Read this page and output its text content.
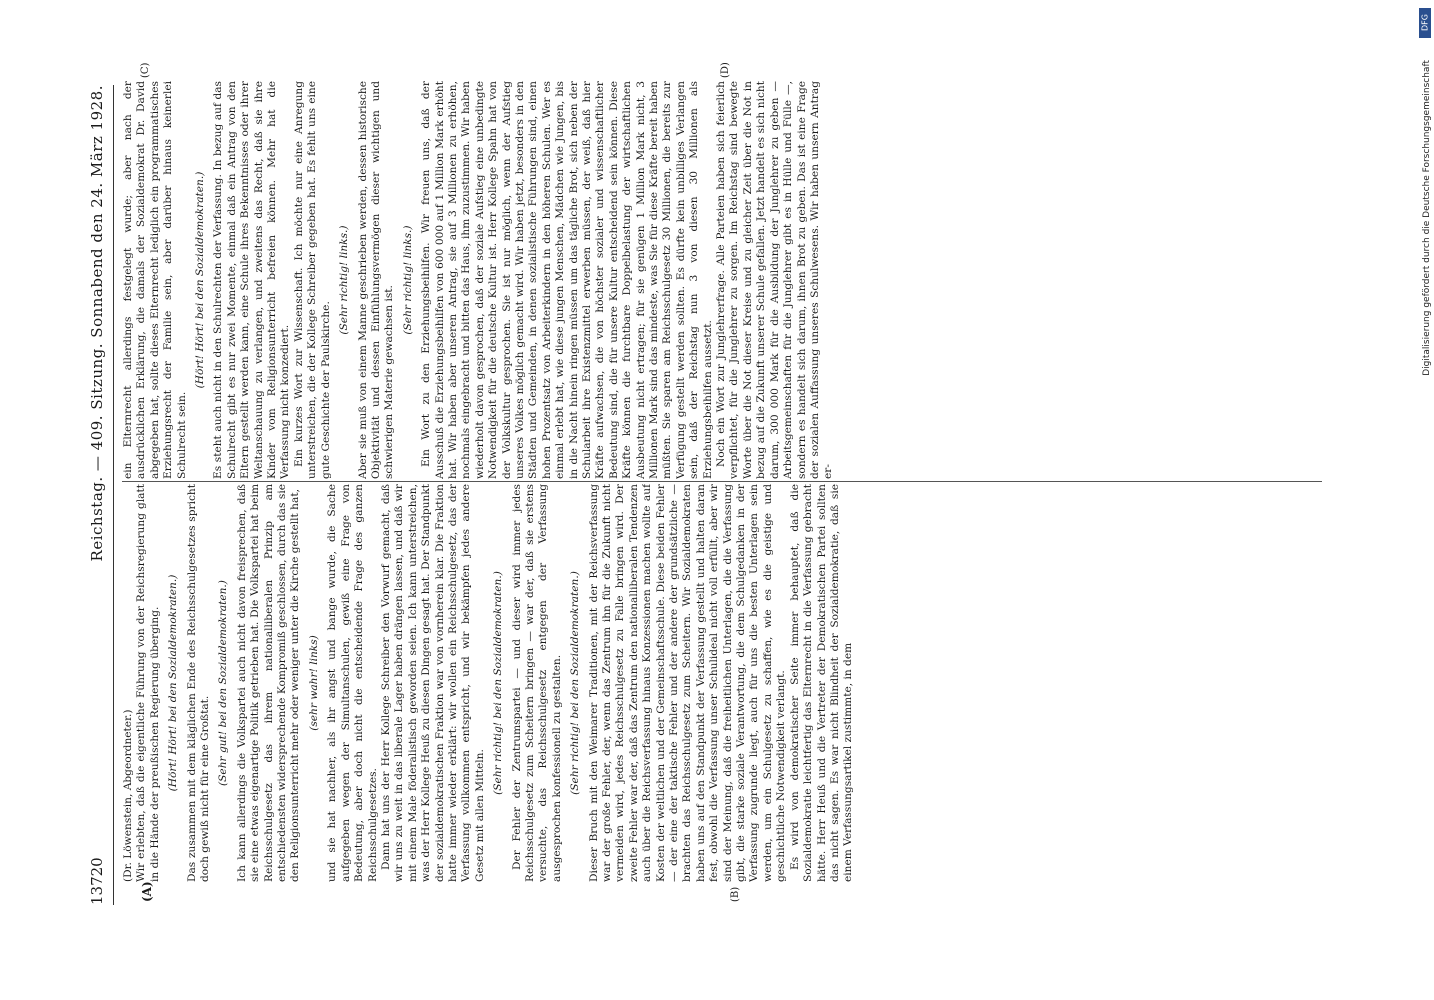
13720
Reichstag. — 409. Sitzung. Sonnabend den 24. März 1928.
(A)	(B)
(C)	(D)

(Dr. Löwenstein, Abgeordneter.) Wir erlebten, daß die eigentliche Führung von der Reichsregierung glatt in die Hände der preußischen Regierung überging. (Hört! Hört! bei den Sozialdemokraten.) Das zusammen mit dem kläglichen Ende des Reichsschulgesetzes spricht doch gewiß nicht für eine Großtat.

(Sehr gut! bei den Sozialdemokraten.) Ich kann allerdings die Volkspartei auch nicht davon freisprechen, daß sie eine etwas eigenartige Politik getrieben hat. Die Volkspartei hat beim Reichsschulgesetz das ihrem nationalliberalen Prinzip am entschiedensten widersprechende Kompromiß geschlossen, durch das sie den Religionsunterricht mehr oder weniger unter die Kirche gestellt hat, (sehr wahr! links) und sie hat nachher, als ihr angst und bange wurde, die Sache aufgegeben wegen der Simultanschulen, gewiß eine Frage von Bedeutung, aber doch nicht die entscheidende Frage des ganzen Reichsschulgesetzes. Dann hat uns der Herr Kollege Schreiber den Vorwurf gemacht, daß wir uns zu weit in das liberale Lager haben drängen lassen, und daß wir mit einem Male föderalistisch geworden seien. Ich kann unterstreichen, was der Herr Kollege Heuß zu diesen Dingen gesagt hat. Der Standpunkt der sozialdemokratischen Fraktion war von vornherein klar. Die Fraktion hatte immer wieder erklärt: wir wollen ein Reichsschulgesetz, das der Verfassung vollkommen entspricht, und wir bekämpfen jedes andere Gesetz mit allen Mitteln.

(Sehr richtig! bei den Sozialdemokraten.) Der Fehler der Zentrumspartei — und dieser wird immer jedes Reichsschulgesetz zum Scheitern bringen — war der, daß sie erstens versuchte, das Reichsschulgesetz entgegen der Verfassung ausgesprochen konfessionell zu gestalten. (Sehr richtig! bei den Sozialdemokraten.) Dieser Bruch mit den Weimarer Traditionen, mit der Reichsverfassung war der große Fehler, der, wenn das Zentrum ihn für die Zukunft nicht vermeiden wird, jedes Reichsschulgesetz zu Falle bringen wird. Der zweite Fehler war der, daß das Zentrum den nationalliberalen Tendenzen auch über die Reichsverfassung hinaus Konzessionen machen wollte auf Kosten der weltlichen und der Gemeinschaftsschule. Diese beiden Fehler — der eine der taktische Fehler und der andere der grundsätzliche — brachten das Reichsschulgesetz zum Scheitern. Wir Sozialdemokraten haben uns auf den Standpunkt der Verfassung gestellt und halten daran fest, obwohl die Verfassung unser Schulideal nicht voll erfüllt, aber wir sind der Meinung, daß die freiheitlichen Unterlagen, die die Verfassung gibt, die starke soziale Verantwortung, die dem Schulgedanken in der Verfassung zugrunde liegt, auch für uns die besten Unterlagen sein werden, um ein Schulgesetz zu schaffen, wie es die geistige und geschichtliche Notwendigkeit verlangt. Es wird von demokratischer Seite immer behauptet, daß die Sozialdemokratie leichtfertig das Elternrecht in die Verfassung gebracht hätte. Herr Heuß und die Vertreter der Demokratischen Partei sollten das nicht sagen. Es war nicht Blindheit der Sozialdemokratie, daß sie einem Verfassungsartikel zustimmte, in dem

ein Elternrecht allerdings festgelegt wurde; aber nach der ausdrücklichen Erklärung, die damals der Sozialdemokrat Dr. David abgegeben hat, sollte dieses Elternrecht lediglich ein programmatisches Erziehungsrecht der Familie sein, aber darüber hinaus keinerlei Schulrecht sein.

(Hört! Hört! bei den Sozialdemokraten.) Es steht auch nicht in den Schulrechten der Verfassung. In bezug auf das Schulrecht gibt es nur zwei Momente, einmal daß ein Antrag von den Eltern gestellt werden kann, eine Schule ihres Bekenntnisses oder ihrer Weltanschauung zu verlangen, und zweitens das Recht, daß sie ihre Kinder vom Religionsunterricht befreien können. Mehr hat die Verfassung nicht konzediert. Ein kurzes Wort zur Wissenschaft. Ich möchte nur eine Anregung unterstreichen, die der Kollege Schreiber gegeben hat. Es fehlt uns eine gute Geschichte der Paulskirche.

(Sehr richtig! links.) Aber sie muß von einem Manne geschrieben werden, dessen historische Objektivität und dessen Einfühlungsvermögen dieser wichtigen und schwierigen Materie gewachsen ist.

(Sehr richtig! links.) Ein Wort zu den Erziehungsbeihilfen. Wir freuen uns, daß der Ausschuß die Erziehungsbeihilfen von 600 000 auf 1 Million Mark erhöht hat. Wir haben aber unseren Antrag, sie auf 3 Millionen zu erhöhen, nochmals eingebracht und bitten das Haus, ihm zuzustimmen. Wir haben wiederholt davon gesprochen, daß der soziale Aufstieg eine unbedingte Notwendigkeit für die deutsche Kultur ist. Herr Kollege Spahn hat von der Volkskultur gesprochen. Sie ist nur möglich, wenn der Aufstieg unseres Volkes möglich gemacht wird. Wir haben jetzt, besonders in den Städten und Gemeinden, in denen sozialistische Führungen sind, einen hohen Prozentsatz von Arbeiterkindern in den höheren Schulen. Wer es einmal erlebt hat, wie diese jungen Menschen, Mädchen wie Jungen, bis in die Nacht hinein ringen müssen um das tägliche Brot, sich neben der Schularbeit ihre Existenzmittel erwerben müssen, der weiß, daß hier Kräfte aufwachsen, die von höchster sozialer und wissenschaftlicher Bedeutung sind, die für unsere Kultur entscheidend sein können. Diese Kräfte können die furchtbare Doppelbelastung der wirtschaftlichen Ausbeutung nicht ertragen; für sie genügen 1 Million Mark nicht, 3 Millionen Mark sind das mindeste, was Sie für diese Kräfte bereit haben müßten. Sie sparen am Reichsschulgesetz 30 Millionen, die bereits zur Verfügung gestellt werden sollten. Es dürfte kein unbilliges Verlangen sein, daß der Reichstag nun 3 von diesen 30 Millionen als Erziehungsbeihilfen aussetzt. Noch ein Wort zur Junglehrerfrage. Alle Parteien haben sich feierlich verpflichtet, für die Junglehrer zu sorgen. Im Reichstag sind bewegte Worte über die Not dieser Kreise und zu gleicher Zeit über die Not in bezug auf die Zukunft unserer Schule gefallen. Jetzt handelt es sich nicht darum, 300 000 Mark für die Ausbildung der Junglehrer zu geben — Arbeitsgemeinschaften für die Junglehrer gibt es in Hülle und Fülle —, sondern es handelt sich darum, ihnen Brot zu geben. Das ist eine Frage der sozialen Auffassung unseres Schulwesens. Wir haben unsern Antrag er-

Digitalisierung gefördert durch die Deutsche Forschungsgemeinschaft
DFG
